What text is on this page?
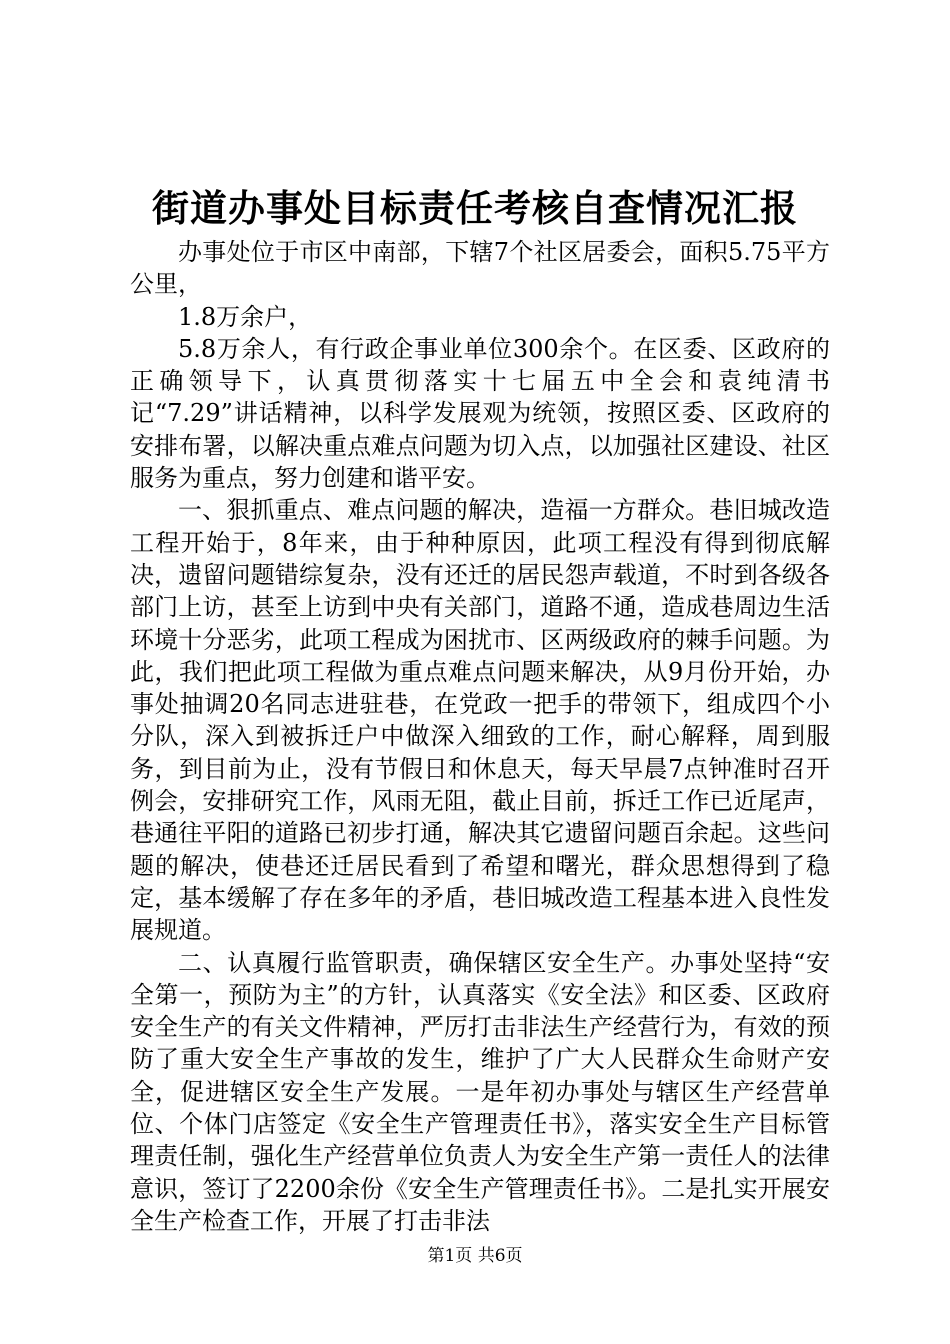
街道办事处目标责任考核自查情况汇报

办事处位于市区中南部，下辖7个社区居委会，面积5.75平方公里，

1.8万余户，

5.8万余人，有行政企事业单位300余个。在区委、区政府的正确领导下，认真贯彻落实十七届五中全会和袁纯清书记“7.29”讲话精神，以科学发展观为统领，按照区委、区政府的安排布署，以解决重点难点问题为切入点，以加强社区建设、社区服务为重点，努力创建和谐平安。

一、狠抓重点、难点问题的解决，造福一方群众。巷旧城改造工程开始于，8年来，由于种种原因，此项工程没有得到彻底解决，遗留问题错综复杂，没有还迁的居民怨声载道，不时到各级各部门上访，甚至上访到中央有关部门，道路不通，造成巷周边生活环境十分恶劣，此项工程成为困扰市、区两级政府的棘手问题。为此，我们把此项工程做为重点难点问题来解决，从9月份开始，办事处抽调20名同志进驻巷，在党政一把手的带领下，组成四个小分队，深入到被拆迁户中做深入细致的工作，耐心解释，周到服务，到目前为止，没有节假日和休息天，每天早晨7点钟准时召开例会，安排研究工作，风雨无阻，截止目前，拆迁工作已近尾声，巷通往平阳的道路已初步打通，解决其它遗留问题百余起。这些问题的解决，使巷还迁居民看到了希望和曙光，群众思想得到了稳定，基本缓解了存在多年的矛盾，巷旧城改造工程基本进入良性发展规道。

二、认真履行监管职责，确保辖区安全生产。办事处坚持“安全第一，预防为主”的方针，认真落实《安全法》和区委、区政府安全生产的有关文件精神，严厉打击非法生产经营行为，有效的预防了重大安全生产事故的发生，维护了广大人民群众生命财产安全，促进辖区安全生产发展。一是年初办事处与辖区生产经营单位、个体门店签定《安全生产管理责任书》，落实安全生产目标管理责任制，强化生产经营单位负责人为安全生产第一责任人的法律意识，签订了2200余份《安全生产管理责任书》。二是扎实开展安全生产检查工作，开展了打击非法

第1页 共6页
